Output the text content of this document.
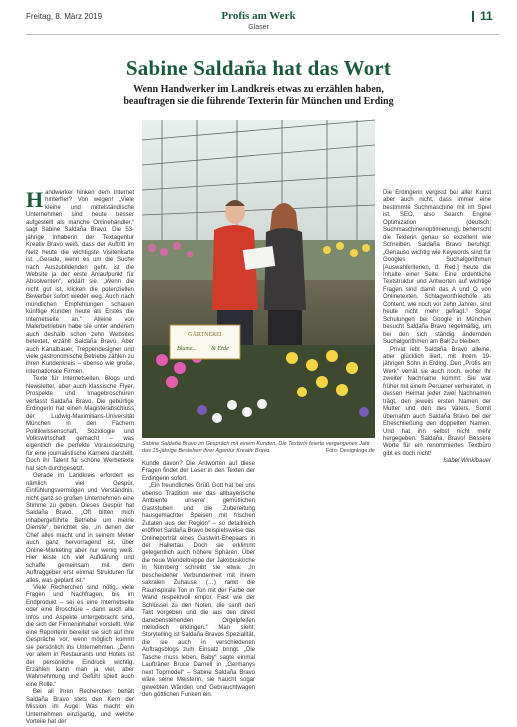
Freitag, 8. März 2019	Profis am Werk
Glaser
11
Sabine Saldaña hat das Wort
Wenn Handwerker im Landkreis etwas zu erzählen haben,
beauftragen sie die führende Texterin für München und Erding

Handwerker hinken dem Internet hinterher? Von wegen! „Viele kleine und mittelständische Unternehmen sind heute besser aufgestellt als manche Onlinehändler,“ sagt Sabine Saldaña Bravo. Die 53-jährige Inhaberin der Textagentur Kreativ Bravo weiß, dass der Auftritt im Netz heute die wichtigste Visitenkarte ist. „Gerade, wenn es um die Suche nach Auszubildenden geht, ist die Website ja der erste Anlaufpunkt für Absolventen“, erklärt sie. „Wenn die nicht gut ist, klicken die potenziellen Bewerber sofort wieder weg. Auch nach mündlichen Empfehlungen schauen künftige Kunden heute als Erstes die Internetseite an.“ Alleine von Malerbetrieben habe sie unter anderem auch deshalb schon zehn Websites betextet, erzählt Saldaña Bravo. Aber auch Kanalbauer, Treppendesigner und viele gastronomische Betriebe zählen zu ihren Kundenkreis – ebenso wie große, internationale Firmen.

Texte für Internetseiten, Blogs und Newsletter, aber auch klassische Flyer, Prospekte und Imagebroschüren verfasst Saldaña Bravo. Die gebürtige Erdingerin hat einen Magisterabschluss der Ludwig-Maximilians-Universität München in den Fächern Politikwissenschaft, Soziologie und Volkswirtschaft gemacht – was eigentlich die perfekte Voraussetzung für eine journalistische Karriere darstellt. Doch ihr Talent für schöne Werbetexte hat sich durchgesetzt.

Gerade im Landkreis erfordert es nämlich viel Gespür, Einfühlungsvermögen und Verständnis, nicht ganz so großen Unternehmen eine Stimme zu geben. Dieses Gespür hat Saldaña Bravo. „Oft bitten mich inhabergeführte Betriebe um meine Dienste“, berichtet sie, „in denen der Chef alles macht und in seinem Metier auch ganz hervorragend ist, über Online-Marketing aber nur wenig weiß. Hier leiste ich viel Aufklärung und schaffe gemeinsam mit dem Auftraggeber erst einmal Strukturen für alles, was geplant ist.“

Viele Recherchen sind nötig, viele Fragen und Nachfragen, bis im Endprodukt – sei es eine Internetseite oder eine Broschüre – dann auch alle Infos und Aspekte untergebracht sind, die sich der Firmeninhaber vorstellt. Wie eine Reporterin bereitet sie sich auf ihre Gespräche vor, wenn möglich kommt sie persönlich ins Unternehmen. „Denn vor allem in Restaurants und Hotels ist der persönliche Eindruck wichtig. Erzählen kann man ja viel, aber Wahrnehmung und Gefühl spielt auch eine Rolle.“

Bei all ihren Recherchen behält Saldaña Bravo stets den Kern der Mission im Auge: Was macht ein Unternehmen einzigartig, und welche Vorteile hat der

GÄRTNEREI
Blume... & Erde
Sabine Saldaña Bravo im Gespräch mit einem Kunden. Die Texterin feierte vergangenes Jahr das 15-jährige Bestehen ihrer Agentur Kreativ Bravo.	Foto: Designloge.de

Kunde davon? Die Antworten auf diese Fragen findet der Leser in den Texten der Erdingerin sofort.

„Ein freundliches Grüß Gott hat bei uns ebenso Tradition wie das altbayerische Ambiente unserer gemütlichen Gaststuben und die Zubereitung hausgemachter Speisen mit frischen Zutaten aus der Region“ – so detailreich eröffnet Saldaña Bravo beispielsweise das Onlineporträt eines Gastwirt-Ehepaars in der Hallertau. Doch sie erklimmt gelegentlich auch höhere Sphären. Über die neue Wendeltreppe der Jakobuskirche in Nürnberg schreibt sie etwa: „In bescheidener Verbundenheit mit ihrem sakralen Zuhause (…) rankt die Raumspirale Ton in Ton mit der Farbe der Wand respektvoll empor. Fast wie der Schlüssel zu den Noten, die sanft den Takt vorgeben und die aus den direkt danebenstehenden Orgelpfeifen melodisch erklingen.“ Man sieht: Storytelling ist Saldaña Bravos Spezialität, die sie auch in verschiedenen Auftragsblogs zum Einsatz bringt. „Die Tasche muss leben, Baby“ sagte einmal Laufträner Bruce Darnell in „Germanys next Topmodel“ – Sabine Saldaña Bravo wäre seine Meisterin, sie haucht sogar gewebten Wänden und Gebrauchtwagen den göttlichen Funken ein.

Die Erdingerin vergisst bei aller Kunst aber auch nicht, dass immer eine bestimmte Suchmaschine mit im Spiel ist. SEO, also Search Engine Optimization (deutsch: Suchmaschinenoptimierung), beherrscht die Texterin genau so exzellent wie Schreiben. Saldaña Bravo beruhigt: „Genauso wichtig wie Keywords sind für Googles Suchalgorithmen [Auswahlkriterien, d. Red.] heute die Inhalte einer Seite. Eine ordentliche Textstruktur und Antworten auf wichtige Fragen sind damit das A und O von Onlinetexten. Schlagwortfriedhöfe als Content, wie noch vor zehn Jahren, sind heute nicht mehr gefragt.“ Sogar Schulungen bei Google in München besucht Saldaña Bravo regelmäßig, um bei den sich ständig ändernden Suchalgorithmen am Ball zu bleiben.

Privat lebt Saldaña Bravo alleine, aber glücklich liiert, mit ihrem 19-jährigen Sohn in Erding. Den „Profis am Werk“ verrät sie auch noch, woher ihr zweiter Nachname kommt: Sie war früher mit einem Peruaner verheiratet, in dessen Heimat jeder zwei Nachnamen trägt, den jeweils ersten Namen der Mutter und den des Vaters. Somit übernahm auch Saldaña Bravo bei der Eheschließung den doppelten Namen. Und hat ihn selbst nicht mehr hergegeben. Saldaña, Bravo! Bessere Worte für ein renommiertes Textbüro gibt es doch nicht!

Isabel Winklbauer
